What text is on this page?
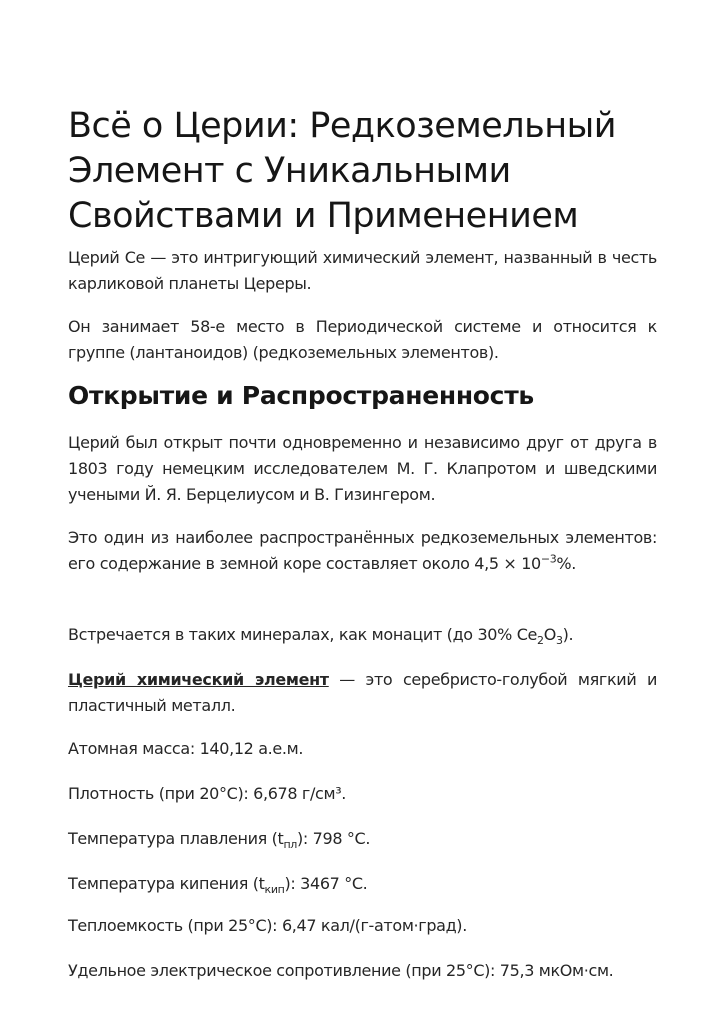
Всё о Церии: Редкоземельный Элемент с Уникальными Свойствами и Применением

Церий Ce — это интригующий химический элемент, названный в честь карликовой планеты Цереры.

Он занимает 58-е место в Периодической системе и относится к группе (лантаноидов) (редкоземельных элементов).

Открытие и Распространенность

Церий был открыт почти одновременно и независимо друг от друга в 1803 году немецким исследователем М. Г. Клапротом и шведскими учеными Й. Я. Берцелиусом и В. Гизингером.

Это один из наиболее распространённых редкоземельных элементов: его содержание в земной коре составляет около $4,5 \times 10^{-3}\%$.

Встречается в таких минералах, как монацит (до 30% $Ce_2O_3$).

Церий химический элемент — это серебристо-голубой мягкий и пластичный металл.

Атомная масса: 140,12 а.е.м.

Плотность (при 20°C): 6,678 г/см³.

Температура плавления $(t_{пл})$: 798 °C.

Температура кипения $(t_{кип})$: 3467 °C.

Теплоемкость (при 25°C): 6,47 кал/(г-атом·град).

Удельное электрическое сопротивление (при 25°C): 75,3 мкОм·см.
